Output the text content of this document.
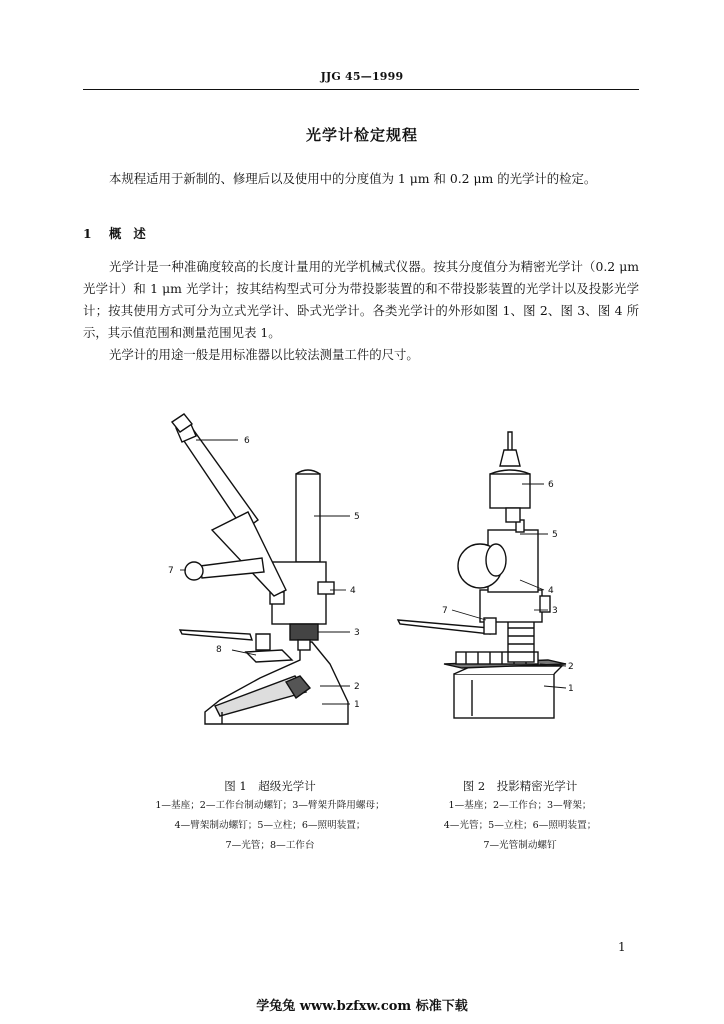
JJG 45—1999
光学计检定规程

本规程适用于新制的、修理后以及使用中的分度值为 1 μm 和 0.2 μm 的光学计的检定。

1 概述

光学计是一种准确度较高的长度计量用的光学机械式仪器。按其分度值分为精密光学计（0.2 μm 光学计）和 1 μm 光学计；按其结构型式可分为带投影装置的和不带投影装置的光学计以及投影光学计；按其使用方式可分为立式光学计、卧式光学计。各类光学计的外形如图 1、图 2、图 3、图 4 所示，其示值范围和测量范围见表 1。

光学计的用途一般是用标准器以比较法测量工件的尺寸。

6
5
7
4
3
8
2
1
6
5
4
3
7
2
1
图 1　超级光学计
1—基座；2—工作台制动螺钉；3—臂架升降用螺母；
4—臂架制动螺钉；5—立柱；6—照明装置；
7—光管；8—工作台
图 2　投影精密光学计
1—基座；2—工作台；3—臂架；
4—光管；5—立柱；6—照明装置；
7—光管制动螺钉
1
学兔兔 www.bzfxw.com 标准下载
